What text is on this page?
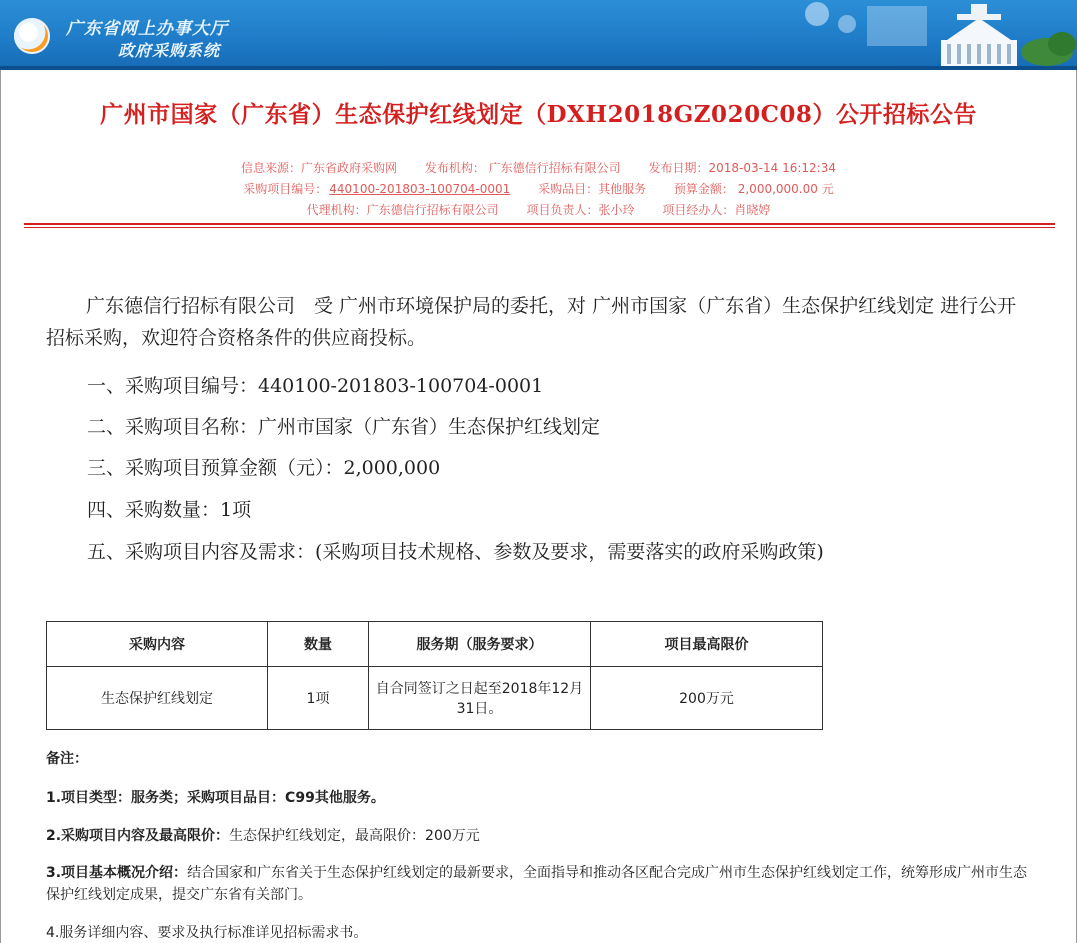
广东省网上办事大厅
政府采购系统
广州市国家（广东省）生态保护红线划定（DXH2018GZ020C08）公开招标公告
信息来源：广东省政府采购网 发布机构： 广东德信行招标有限公司 发布日期：2018-03-14 16:12:34
采购项目编号： 440100-201803-100704-0001 采购品目：其他服务 预算金额： 2,000,000.00 元
代理机构：广东德信行招标有限公司 项目负责人：张小玲 项目经办人：肖晓婷
广东德信行招标有限公司　受 广州市环境保护局的委托，对 广州市国家（广东省）生态保护红线划定 进行公开招标采购，欢迎符合资格条件的供应商投标。
一、采购项目编号：440100-201803-100704-0001
二、采购项目名称：广州市国家（广东省）生态保护红线划定
三、采购项目预算金额（元）：2,000,000
四、采购数量：1项
五、采购项目内容及需求：(采购项目技术规格、参数及要求，需要落实的政府采购政策)
采购内容	数量	服务期（服务要求）	项目最高限价
生态保护红线划定	1项	自合同签订之日起至2018年12月31日。	200万元
备注：
1.项目类型：服务类；采购项目品目：C99其他服务。
2.采购项目内容及最高限价：生态保护红线划定，最高限价：200万元
3.项目基本概况介绍：结合国家和广东省关于生态保护红线划定的最新要求，全面指导和推动各区配合完成广州市生态保护红线划定工作，统筹形成广州市生态保护红线划定成果，提交广东省有关部门。
4.服务详细内容、要求及执行标准详见招标需求书。
